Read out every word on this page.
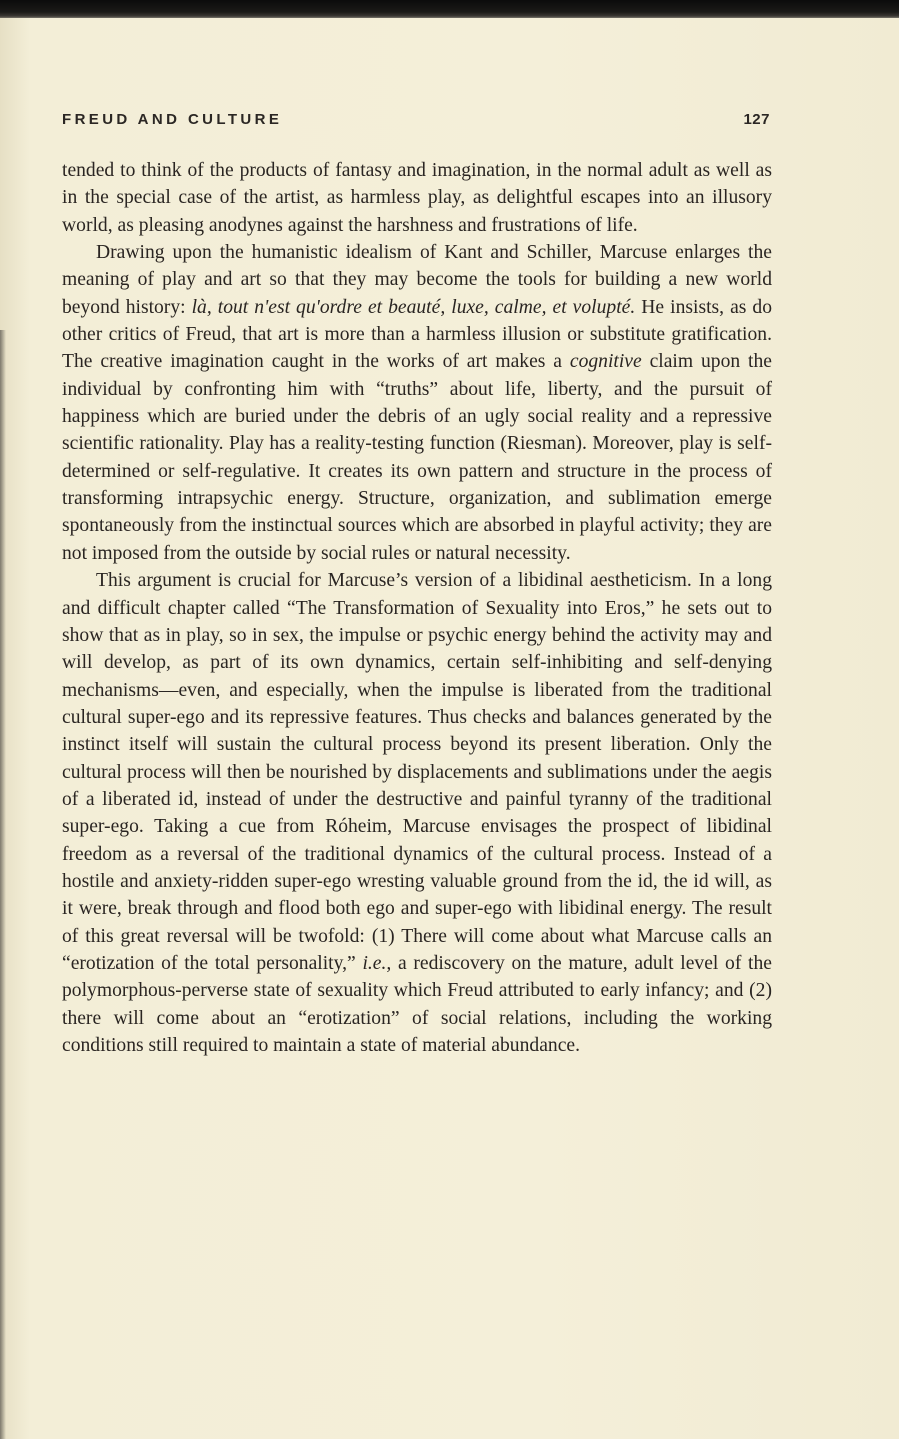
FREUD AND CULTURE	127

tended to think of the products of fantasy and imagination, in the normal adult as well as in the special case of the artist, as harmless play, as delightful escapes into an illusory world, as pleasing anodynes against the harshness and frustrations of life.

Drawing upon the humanistic idealism of Kant and Schiller, Marcuse enlarges the meaning of play and art so that they may become the tools for building a new world beyond history: là, tout n'est qu'ordre et beauté, luxe, calme, et volupté. He insists, as do other critics of Freud, that art is more than a harmless illusion or substitute gratification. The creative imagination caught in the works of art makes a cognitive claim upon the individual by confronting him with “truths” about life, liberty, and the pursuit of happiness which are buried under the debris of an ugly social reality and a repressive scientific rationality. Play has a reality-testing function (Riesman). Moreover, play is self-determined or self-regulative. It creates its own pattern and structure in the process of transforming intrapsychic energy. Structure, organization, and sublimation emerge spontaneously from the instinctual sources which are absorbed in playful activity; they are not imposed from the outside by social rules or natural necessity.

This argument is crucial for Marcuse’s version of a libidinal aestheticism. In a long and difficult chapter called “The Transformation of Sexuality into Eros,” he sets out to show that as in play, so in sex, the impulse or psychic energy behind the activity may and will develop, as part of its own dynamics, certain self-inhibiting and self-denying mechanisms—even, and especially, when the impulse is liberated from the traditional cultural super-ego and its repressive features. Thus checks and balances generated by the instinct itself will sustain the cultural process beyond its present liberation. Only the cultural process will then be nourished by displacements and sublimations under the aegis of a liberated id, instead of under the destructive and painful tyranny of the traditional super-ego. Taking a cue from Róheim, Marcuse envisages the prospect of libidinal freedom as a reversal of the traditional dynamics of the cultural process. Instead of a hostile and anxiety-ridden super-ego wresting valuable ground from the id, the id will, as it were, break through and flood both ego and super-ego with libidinal energy. The result of this great reversal will be twofold: (1) There will come about what Marcuse calls an “erotization of the total personality,” i.e., a rediscovery on the mature, adult level of the polymorphous-perverse state of sexuality which Freud attributed to early infancy; and (2) there will come about an “erotization” of social relations, including the working conditions still required to maintain a state of material abundance.
